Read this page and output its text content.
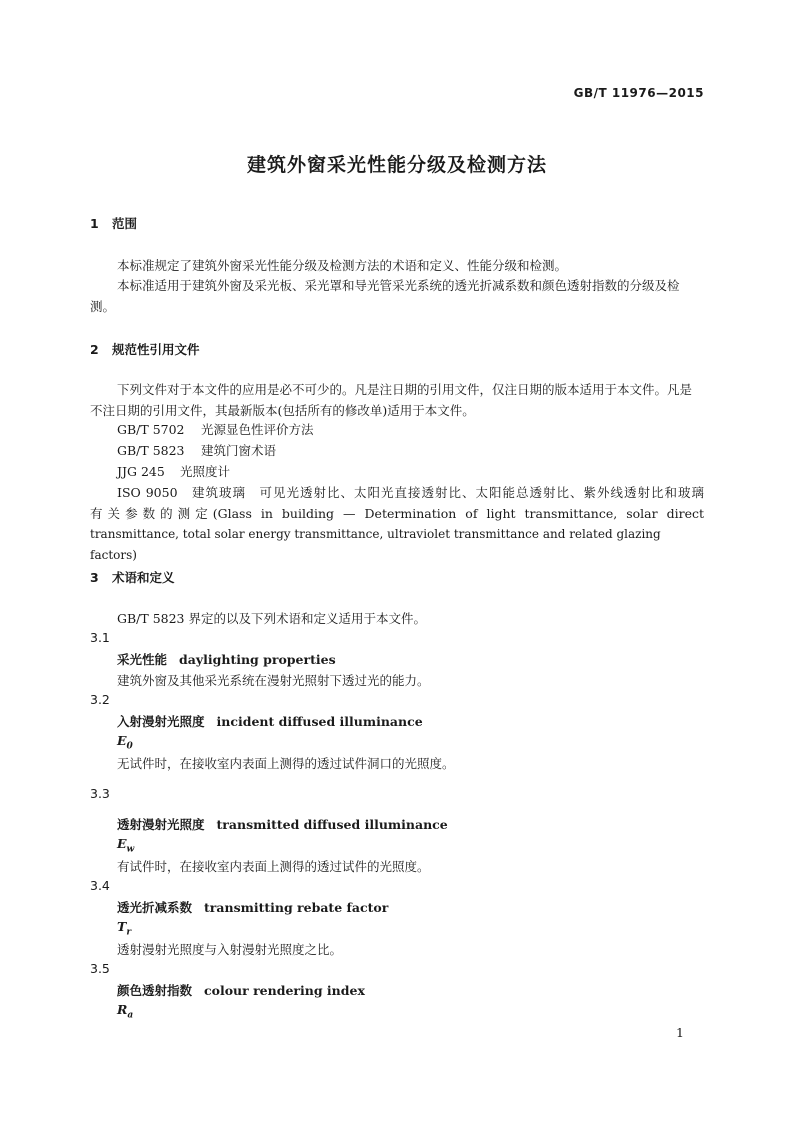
GB/T 11976—2015
建筑外窗采光性能分级及检测方法
1 范围
本标准规定了建筑外窗采光性能分级及检测方法的术语和定义、性能分级和检测。
本标准适用于建筑外窗及采光板、采光罩和导光管采光系统的透光折减系数和颜色透射指数的分级及检测。
2 规范性引用文件
下列文件对于本文件的应用是必不可少的。凡是注日期的引用文件，仅注日期的版本适用于本文件。凡是不注日期的引用文件，其最新版本(包括所有的修改单)适用于本文件。
GB/T 5702 光源显色性评价方法
GB/T 5823 建筑门窗术语
JJG 245 光照度计
ISO 9050　建筑玻璃　可见光透射比、太阳光直接透射比、太阳能总透射比、紫外线透射比和玻璃
有关参数的测定(Glass in building — Determination of light transmittance, solar direct
transmittance, total solar energy transmittance, ultraviolet transmittance and related glazing factors)
3 术语和定义
GB/T 5823 界定的以及下列术语和定义适用于本文件。
3.1
采光性能 daylighting properties
建筑外窗及其他采光系统在漫射光照射下透过光的能力。
3.2
入射漫射光照度 incident diffused illuminance
$E_0$
无试件时，在接收室内表面上测得的透过试件洞口的光照度。
3.3
透射漫射光照度 transmitted diffused illuminance
$E_w$
有试件时，在接收室内表面上测得的透过试件的光照度。
3.4
透光折减系数 transmitting rebate factor
$T_r$
透射漫射光照度与入射漫射光照度之比。
3.5
颜色透射指数 colour rendering index
$R_a$
1
